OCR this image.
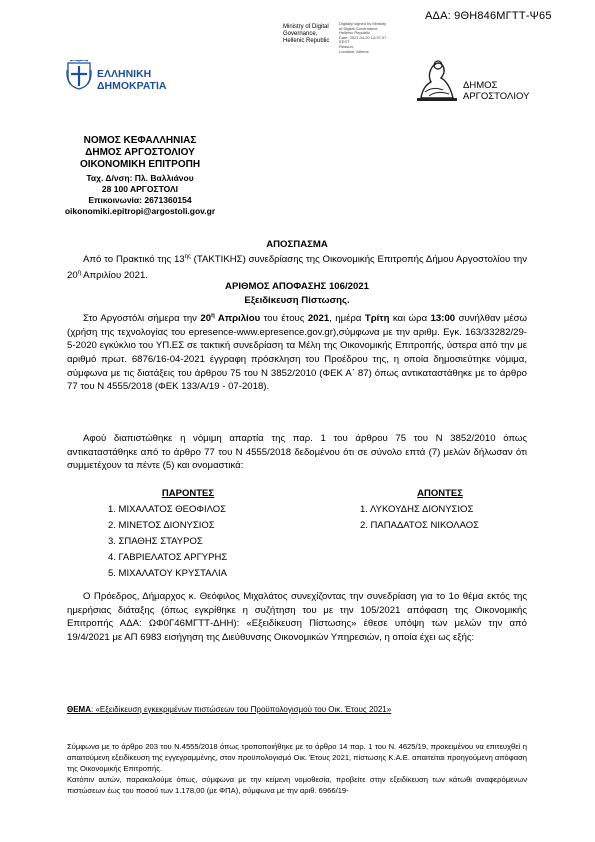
ΑΔΑ: 9ΘΗ846ΜΓΤΤ-Ψ65
Ministry of Digital
Governance,
Hellenic Republic
Digitally signed by Ministry
of Digital Governance,
Hellenic Republic
Date: 2021.04.20 14:37:37
EEST
Reason:
Location: Athens
ΕΛΛΗΝΙΚΗ
ΔΗΜΟΚΡΑΤΙΑ	ΔΗΜΟΣ
ΑΡΓΟΣΤΟΛΙΟΥ
ΝΟΜΟΣ ΚΕΦΑΛΛΗΝΙΑΣ
ΔΗΜΟΣ ΑΡΓΟΣΤΟΛΙΟΥ
ΟΙΚΟΝΟΜΙΚΗ ΕΠΙΤΡΟΠΗ
Ταχ. Δ/νση: Πλ. Βαλλιάνου
28 100 ΑΡΓΟΣΤΟΛΙ
Επικοινωνία: 2671360154
oikonomiki.epitropi@argostoli.gov.gr
ΑΠΟΣΠΑΣΜΑ
Από το Πρακτικό της $13^{\eta\varsigma}$ (ΤΑΚΤΙΚΗΣ) συνεδρίασης της Οικονομικής Επιτροπής Δήμου Αργοστολίου την $20^\eta$ Απριλίου 2021.
ΑΡΙΘΜΟΣ ΑΠΟΦΑΣΗΣ 106/2021
Εξειδίκευση Πίστωσης.
Στο Αργοστόλι σήμερα την $20^\eta$ Απριλίου του έτους 2021, ημέρα Τρίτη και ώρα 13:00 συνήλθαν μέσω (χρήση της τεχνολογίας του epresence-www.epresence.gov.gr),σύμφωνα με την αριθμ. Εγκ. 163/33282/29-5-2020 εγκύκλιο του ΥΠ.ΕΣ σε τακτική συνεδρίαση τα Μέλη της Οικονομικής Επιτροπής, ύστερα από την με αριθμό πρωτ. 6876/16-04-2021 έγγραφη πρόσκληση του Προέδρου της, η οποία δημοσιεύτηκε νόμιμα, σύμφωνα με τις διατάξεις του άρθρου 75 του Ν 3852/2010 (ΦΕΚ Α΄ 87) όπως αντικαταστάθηκε με το άρθρο 77 του Ν 4555/2018 (ΦΕΚ 133/Α/19 - 07-2018).
Αφού διαπιστώθηκε η νόμιμη απαρτία της παρ. 1 του άρθρου 75 του Ν 3852/2010 όπως αντικαταστάθηκε από το άρθρο 77 του Ν 4555/2018 δεδομένου ότι σε σύνολο επτά (7) μελών δήλωσαν ότι συμμετέχουν τα πέντε (5) και ονομαστικά:
ΠΑΡΟΝΤΕΣ
1. ΜΙΧΑΛΑΤΟΣ ΘΕΟΦΙΛΟΣ
2. ΜΙΝΕΤΟΣ ΔΙΟΝΥΣΙΟΣ
3. ΣΠΑΘΗΣ ΣΤΑΥΡΟΣ
4. ΓΑΒΡΙΕΛΑΤΟΣ ΑΡΓΥΡΗΣ
5. ΜΙΧΑΛΑΤΟΥ ΚΡΥΣΤΑΛΙΑ
ΑΠΟΝΤΕΣ
1. ΛΥΚΟΥΔΗΣ ΔΙΟΝΥΣΙΟΣ
2. ΠΑΠΑΔΑΤΟΣ ΝΙΚΟΛΑΟΣ
Ο Πρόεδρος, Δήμαρχος κ. Θεόφιλος Μιχαλάτος συνεχίζοντας την συνεδρίαση για το 1ο θέμα εκτός της ημερήσιας διάταξης (όπως εγκρίθηκε η συζήτηση του με την 105/2021 απόφαση της Οικονομικής Επιτροπής ΑΔΑ: ΩΦ0Γ46ΜΓΤΤ-ΔΗΗ): «Εξειδίκευση Πίστωσης» έθεσε υπόψη των μελών την από 19/4/2021 με ΑΠ 6983 εισήγηση της Διεύθυνσης Οικονομικών Υπηρεσιών, η οποία έχει ως εξής:
ΘΕΜΑ: «Εξειδίκευση εγκεκριμένων πιστώσεων του Προϋπολογισμού του Οικ. Έτους 2021»
Σύμφωνα με το άρθρο 203 του Ν.4555/2018 όπως τροποποιήθηκε με το άρθρο 14 παρ. 1 του Ν. 4625/19, προκειμένου να επιτευχθεί η απαιτούμενη εξειδίκευση της εγγεγραμμένης, στον προϋπολογισμό Οικ. Έτους 2021, πίστωσης Κ.Α.Ε. απαιτείται προηγούμενη απόφαση της Οικονομικής Επιτροπής.
Κατόπιν αυτών, παρακαλούμε όπως, σύμφωνα με την κείμενη νομοθεσία, προβείτε στην εξειδίκευση των κάτωθι αναφερόμενων πιστώσεων έως του ποσού των 1.178,00 (με ΦΠΑ), σύμφωνα με την αριθ. 6966/19-
